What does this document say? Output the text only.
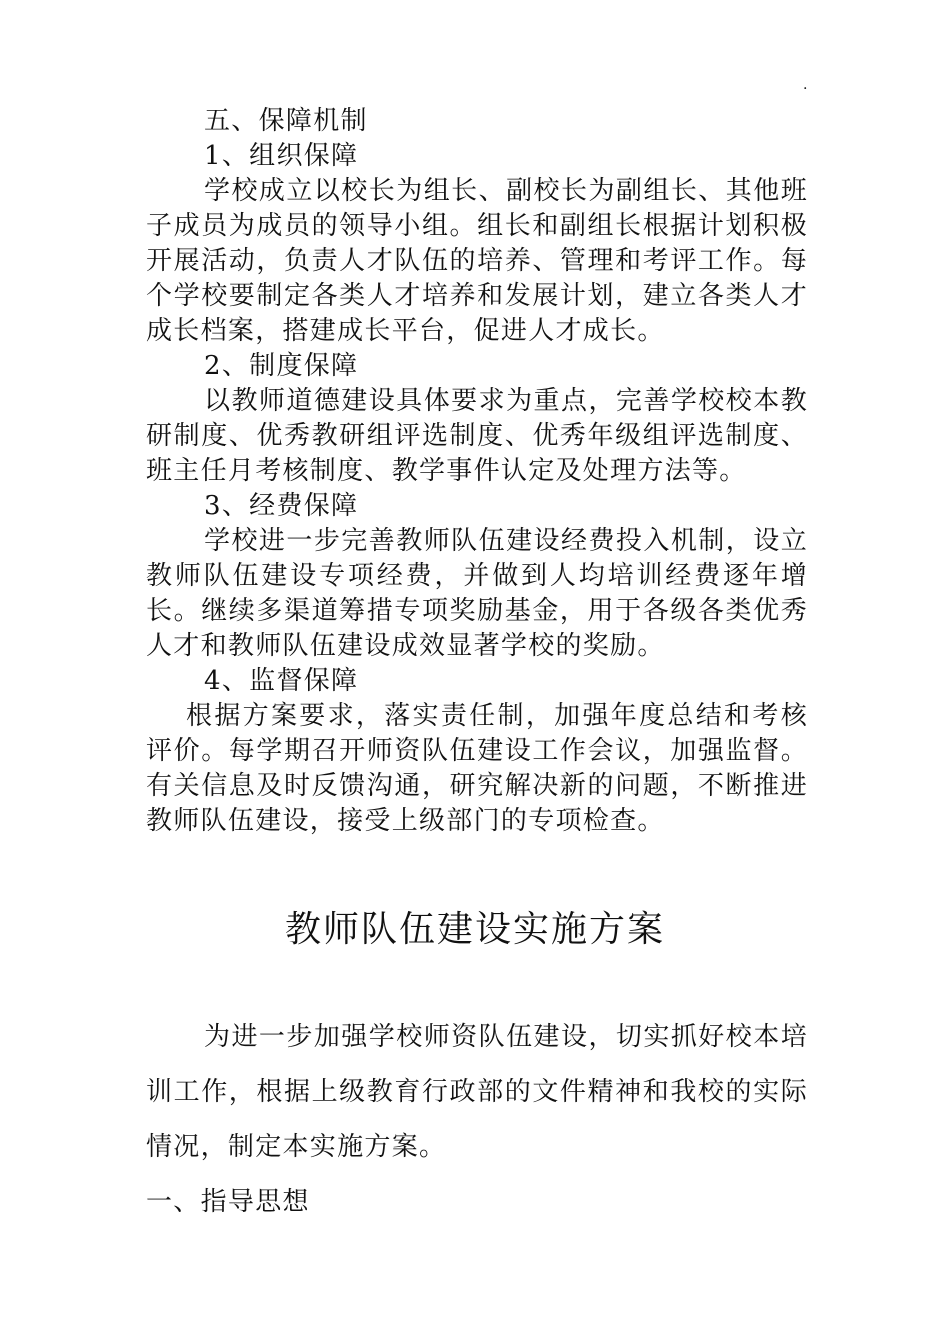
.

五、保障机制

1、组织保障

学校成立以校长为组长、副校长为副组长、其他班子成员为成员的领导小组。组长和副组长根据计划积极开展活动，负责人才队伍的培养、管理和考评工作。每个学校要制定各类人才培养和发展计划，建立各类人才成长档案，搭建成长平台，促进人才成长。

2、制度保障

以教师道德建设具体要求为重点，完善学校校本教研制度、优秀教研组评选制度、优秀年级组评选制度、班主任月考核制度、教学事件认定及处理方法等。

3、经费保障

学校进一步完善教师队伍建设经费投入机制，设立教师队伍建设专项经费，并做到人均培训经费逐年增长。继续多渠道筹措专项奖励基金，用于各级各类优秀人才和教师队伍建设成效显著学校的奖励。

4、监督保障

根据方案要求，落实责任制，加强年度总结和考核评价。每学期召开师资队伍建设工作会议，加强监督。有关信息及时反馈沟通，研究解决新的问题，不断推进教师队伍建设，接受上级部门的专项检查。

教师队伍建设实施方案

为进一步加强学校师资队伍建设，切实抓好校本培训工作，根据上级教育行政部的文件精神和我校的实际情况，制定本实施方案。

一、指导思想
